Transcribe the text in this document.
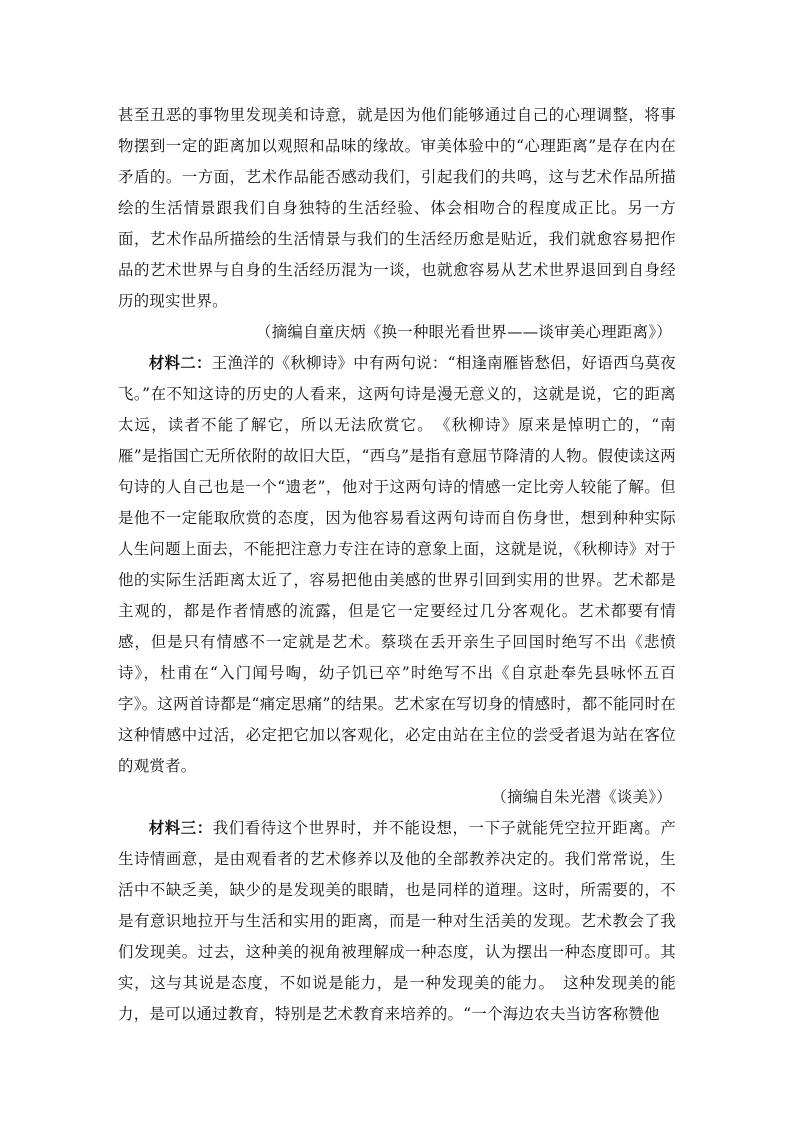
甚至丑恶的事物里发现美和诗意，就是因为他们能够通过自己的心理调整，将事物摆到一定的距离加以观照和品味的缘故。审美体验中的“心理距离”是存在内在矛盾的。一方面，艺术作品能否感动我们，引起我们的共鸣，这与艺术作品所描绘的生活情景跟我们自身独特的生活经验、体会相吻合的程度成正比。另一方面，艺术作品所描绘的生活情景与我们的生活经历愈是贴近，我们就愈容易把作品的艺术世界与自身的生活经历混为一谈，也就愈容易从艺术世界退回到自身经历的现实世界。

（摘编自童庆炳《换一种眼光看世界——谈审美心理距离》）

材料二：王渔洋的《秋柳诗》中有两句说：“相逢南雁皆愁侣，好语西乌莫夜飞。”在不知这诗的历史的人看来，这两句诗是漫无意义的，这就是说，它的距离太远，读者不能了解它，所以无法欣赏它。　《秋柳诗》原来是悼明亡的，“南雁”是指国亡无所依附的故旧大臣，“西乌”是指有意屈节降清的人物。假使读这两句诗的人自己也是一个“遗老”，他对于这两句诗的情感一定比旁人较能了解。但是他不一定能取欣赏的态度，因为他容易看这两句诗而自伤身世，想到种种实际人生问题上面去，不能把注意力专注在诗的意象上面，这就是说，《秋柳诗》对于他的实际生活距离太近了，容易把他由美感的世界引回到实用的世界。艺术都是主观的，都是作者情感的流露，但是它一定要经过几分客观化。艺术都要有情感，但是只有情感不一定就是艺术。蔡琰在丢开亲生子回国时绝写不出《悲愤诗》，杜甫在“入门闻号啕，幼子饥已卒”时绝写不出《自京赴奉先县咏怀五百字》。这两首诗都是“痛定思痛”的结果。艺术家在写切身的情感时，都不能同时在这种情感中过活，必定把它加以客观化，必定由站在主位的尝受者退为站在客位的观赏者。

（摘编自朱光潜《谈美》）

材料三：我们看待这个世界时，并不能设想，一下子就能凭空拉开距离。产生诗情画意，是由观看者的艺术修养以及他的全部教养决定的。我们常常说，生活中不缺乏美，缺少的是发现美的眼睛，也是同样的道理。这时，所需要的，不是有意识地拉开与生活和实用的距离，而是一种对生活美的发现。艺术教会了我们发现美。过去，这种美的视角被理解成一种态度，认为摆出一种态度即可。其实，这与其说是态度，不如说是能力，是一种发现美的能力。　这种发现美的能力，是可以通过教育，特别是艺术教育来培养的。“一个海边农夫当访客称赞他
